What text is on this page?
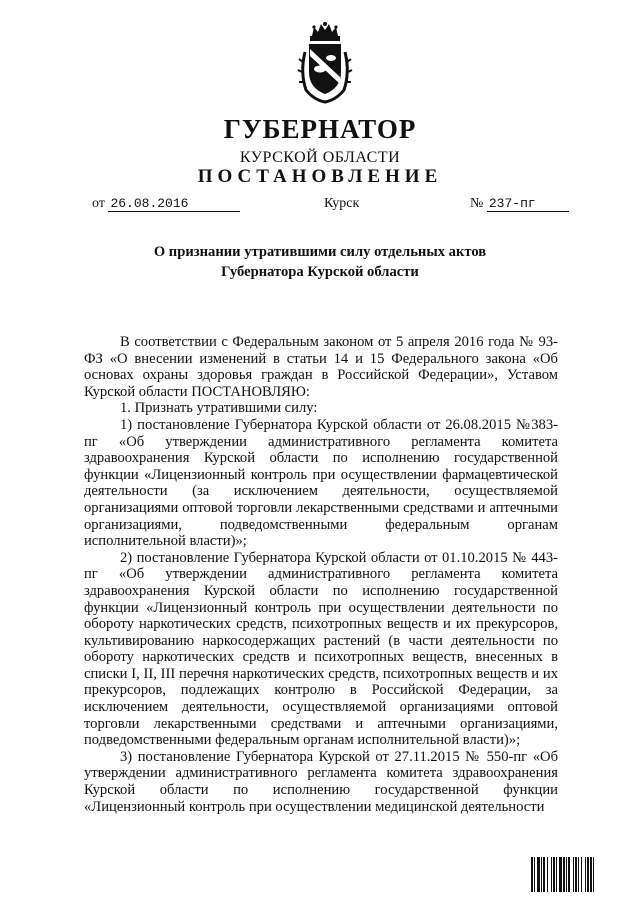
ГУБЕРНАТОР
КУРСКОЙ ОБЛАСТИ
ПОСТАНОВЛЕНИЕ
от 26.08.2016	Курск	№ 237-пг
О признании утратившими силу отдельных актов
Губернатора Курской области

В соответствии с Федеральным законом от 5 апреля 2016 года № 93-ФЗ «О внесении изменений в статьи 14 и 15 Федерального закона «Об основах охраны здоровья граждан в Российской Федерации», Уставом Курской области ПОСТАНОВЛЯЮ:

1. Признать утратившими силу:

1) постановление Губернатора Курской области от 26.08.2015 №383-пг «Об утверждении административного регламента комитета здравоохранения Курской области по исполнению государственной функции «Лицензионный контроль при осуществлении фармацевтической деятельности (за исключением деятельности, осуществляемой организациями оптовой торговли лекарственными средствами и аптечными организациями, подведомственными федеральным органам исполнительной власти)»;

2) постановление Губернатора Курской области от 01.10.2015 № 443-пг «Об утверждении административного регламента комитета здравоохранения Курской области по исполнению государственной функции «Лицензионный контроль при осуществлении деятельности по обороту наркотических средств, психотропных веществ и их прекурсоров, культивированию наркосодержащих растений (в части деятельности по обороту наркотических средств и психотропных веществ, внесенных в списки I, II, III перечня наркотических средств, психотропных веществ и их прекурсоров, подлежащих контролю в Российской Федерации, за исключением деятельности, осуществляемой организациями оптовой торговли лекарственными средствами и аптечными организациями, подведомственными федеральным органам исполнительной власти)»;

3) постановление Губернатора Курской от 27.11.2015 № 550-пг «Об утверждении административного регламента комитета здравоохранения Курской области по исполнению государственной функции «Лицензионный контроль при осуществлении медицинской деятельности
